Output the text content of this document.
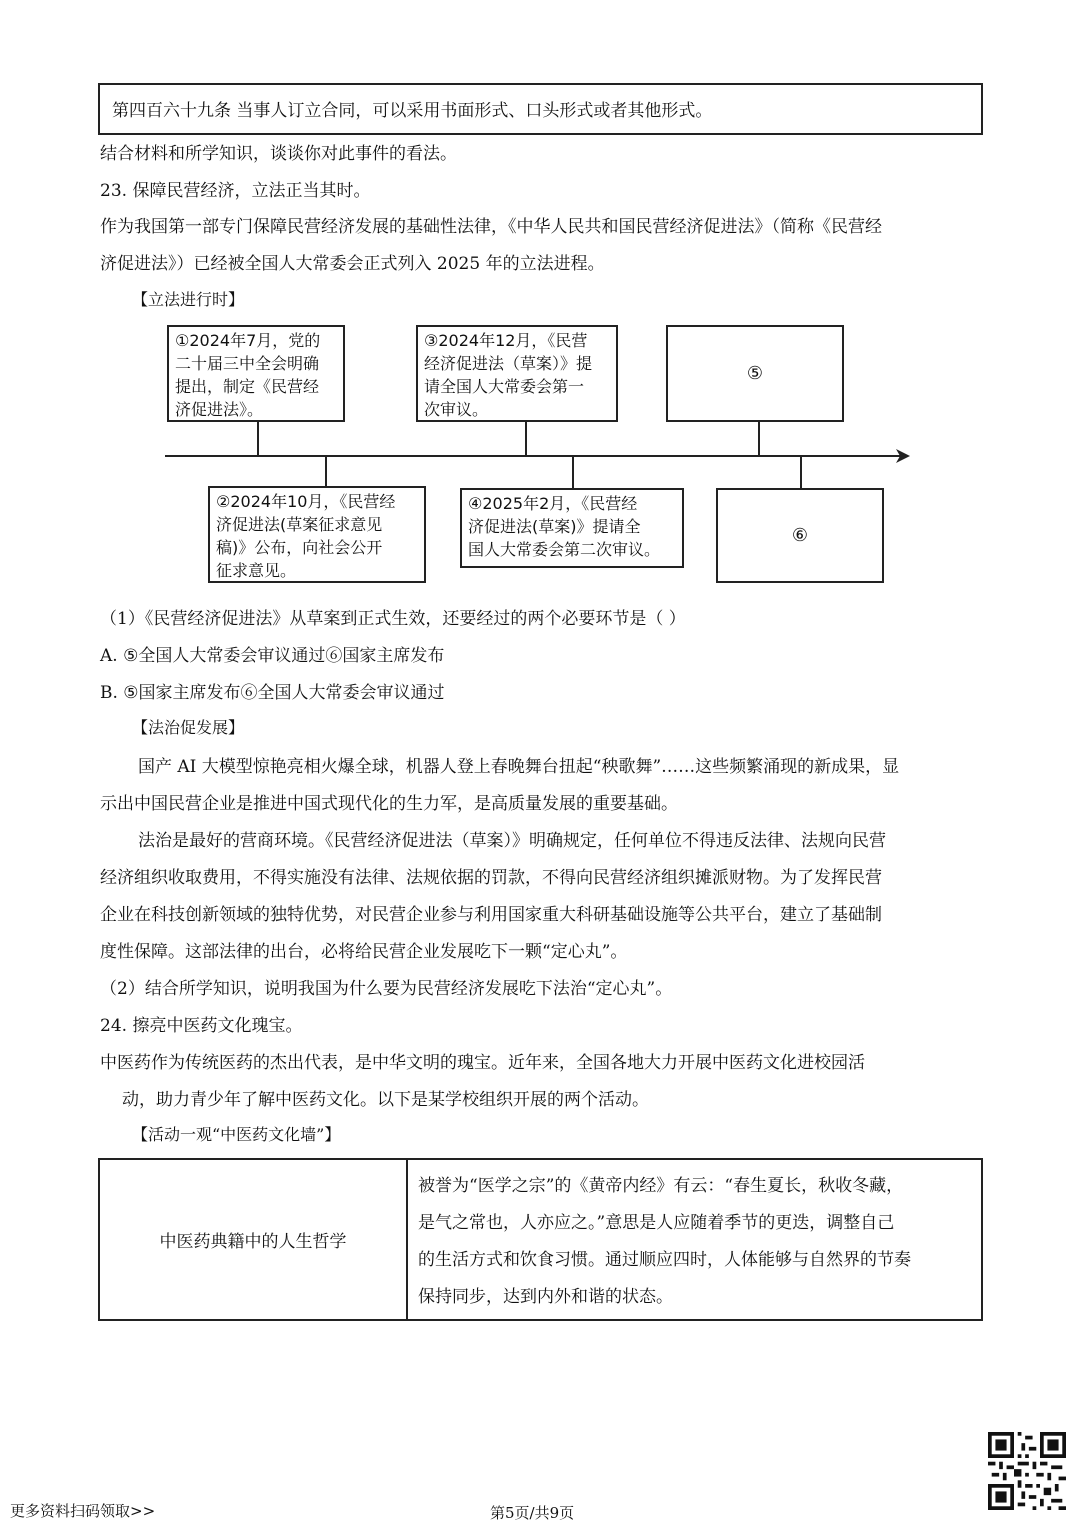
第四百六十九条 当事人订立合同，可以采用书面形式、口头形式或者其他形式。
结合材料和所学知识，谈谈你对此事件的看法。
23. 保障民营经济，立法正当其时。
作为我国第一部专门保障民营经济发展的基础性法律，《中华人民共和国民营经济促进法》（简称《民营经
济促进法》）已经被全国人大常委会正式列入 2025 年的立法进程。
【立法进行时】
①2024年7月，党的
二十届三中全会明确
提出，制定《民营经
济促进法》。
③2024年12月，《民营
经济促进法（草案）》提
请全国人大常委会第一
次审议。
⑤
②2024年10月，《民营经
济促进法(草案征求意见
稿)》公布，向社会公开
征求意见。
④2025年2月，《民营经
济促进法(草案)》提请全
国人大常委会第二次审议。
⑥
（1）《民营经济促进法》从草案到正式生效，还要经过的两个必要环节是（ ）
A. ⑤全国人大常委会审议通过⑥国家主席发布
B. ⑤国家主席发布⑥全国人大常委会审议通过
【法治促发展】
国产 AI 大模型惊艳亮相火爆全球，机器人登上春晚舞台扭起“秧歌舞”……这些频繁涌现的新成果，显
示出中国民营企业是推进中国式现代化的生力军，是高质量发展的重要基础。
法治是最好的营商环境。《民营经济促进法（草案）》明确规定，任何单位不得违反法律、法规向民营
经济组织收取费用，不得实施没有法律、法规依据的罚款，不得向民营经济组织摊派财物。为了发挥民营
企业在科技创新领域的独特优势，对民营企业参与利用国家重大科研基础设施等公共平台，建立了基础制
度性保障。这部法律的出台，必将给民营企业发展吃下一颗“定心丸”。
（2）结合所学知识，说明我国为什么要为民营经济发展吃下法治“定心丸”。
24. 擦亮中医药文化瑰宝。
中医药作为传统医药的杰出代表，是中华文明的瑰宝。近年来，全国各地大力开展中医药文化进校园活
动，助力青少年了解中医药文化。以下是某学校组织开展的两个活动。
【活动一观“中医药文化墙”】
中医药典籍中的人生哲学
被誉为“医学之宗”的《黄帝内经》有云：“春生夏长，秋收冬藏，
是气之常也，人亦应之。”意思是人应随着季节的更迭，调整自己
的生活方式和饮食习惯。通过顺应四时，人体能够与自然界的节奏
保持同步，达到内外和谐的状态。
更多资料扫码领取>>	第5页/共9页
